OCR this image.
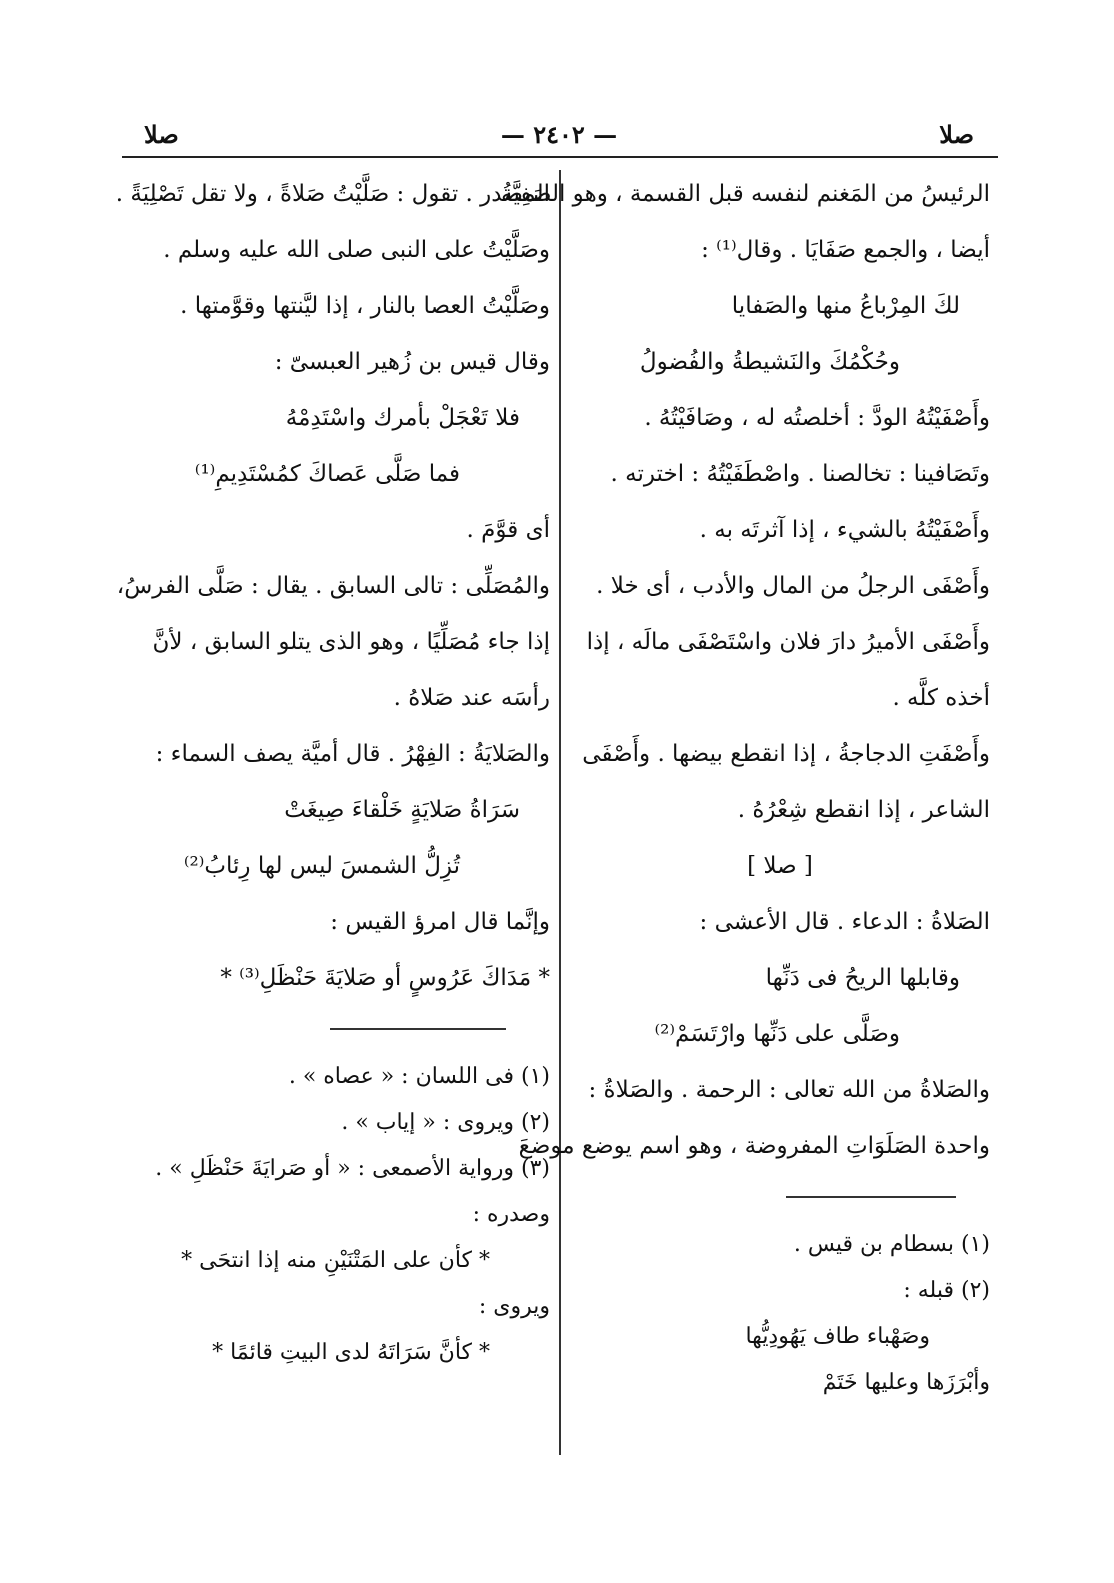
صلا	— ٢٤٠٢ —	صلا
الرئيسُ من المَغنم لنفسه قبل القسمة ، وهو الصَفِيَّةُ
أيضا ، والجمع صَفَايَا . وقال⁽¹⁾ :
لكَ المِرْباعُ منها والصَفايا
وحُكْمُكَ والنَشيطةُ والفُضولُ
وأَصْفَيْتُهُ الودَّ : أخلصتُه له ، وصَافَيْتُهُ .
وتَصَافينا : تخالصنا . واصْطَفَيْتُهُ : اخترته .
وأَصْفَيْتُهُ بالشيء ، إذا آثرتَه به .
وأَصْفَى الرجلُ من المال والأدب ، أى خلا .
وأَصْفَى الأميرُ دارَ فلان واسْتَصْفَى مالَه ، إذا
أخذه كلَّه .
وأَصْفَتِ الدجاجةُ ، إذا انقطع بيضها . وأَصْفَى
الشاعر ، إذا انقطع شِعْرُهُ .
[ صلا ]
الصَلاةُ : الدعاء . قال الأعشى :
وقابلها الريحُ فى دَنِّها
وصَلَّى على دَنِّها وارْتَسَمْ⁽²⁾
والصَلاةُ من الله تعالى : الرحمة . والصَلاةُ :
واحدة الصَلَوَاتِ المفروضة ، وهو اسم يوضع موضعَ
(١) بسطام بن قيس .
(٢) قبله :
وصَهْباء طاف يَهُودِيُّها
وأبْرَزَها وعليها خَتَمْ
المصدر . تقول : صَلَّيْتُ صَلاةً ، ولا تقل تَصْلِيَةً .
وصَلَّيْتُ على النبى صلى الله عليه وسلم .
وصَلَّيْتُ العصا بالنار ، إذا ليَّنتها وقوَّمتها .
وقال قيس بن زُهير العبسىّ :
فلا تَعْجَلْ بأمرك واسْتَدِمْهُ
فما صَلَّى عَصاكَ كمُسْتَدِيمِ⁽¹⁾
أى قوَّمَ .
والمُصَلِّى : تالى السابق . يقال : صَلَّى الفرسُ،
إذا جاء مُصَلِّيًا ، وهو الذى يتلو السابق ، لأنَّ
رأسَه عند صَلاهُ .
والصَلايَةُ : الفِهْرُ . قال أميَّة يصف السماء :
سَرَاةُ صَلايَةٍ خَلْقاءَ صِيغَتْ
تُزِلُّ الشمسَ ليس لها رِئابُ⁽²⁾
وإنَّما قال امرؤ القيس :
* مَدَاكَ عَرُوسٍ أو صَلايَةَ حَنْظَلِ⁽³⁾ *
(١) فى اللسان : « عصاه » .
(٢) ويروى : « إياب » .
(٣) ورواية الأصمعى : « أو صَرايَةَ حَنْظَلِ » .
وصدره :
* كأن على المَتْنَيْنِ منه إذا انتحَى *
ويروى :
* كأنَّ سَرَاتَهُ لدى البيتِ قائمًا *
